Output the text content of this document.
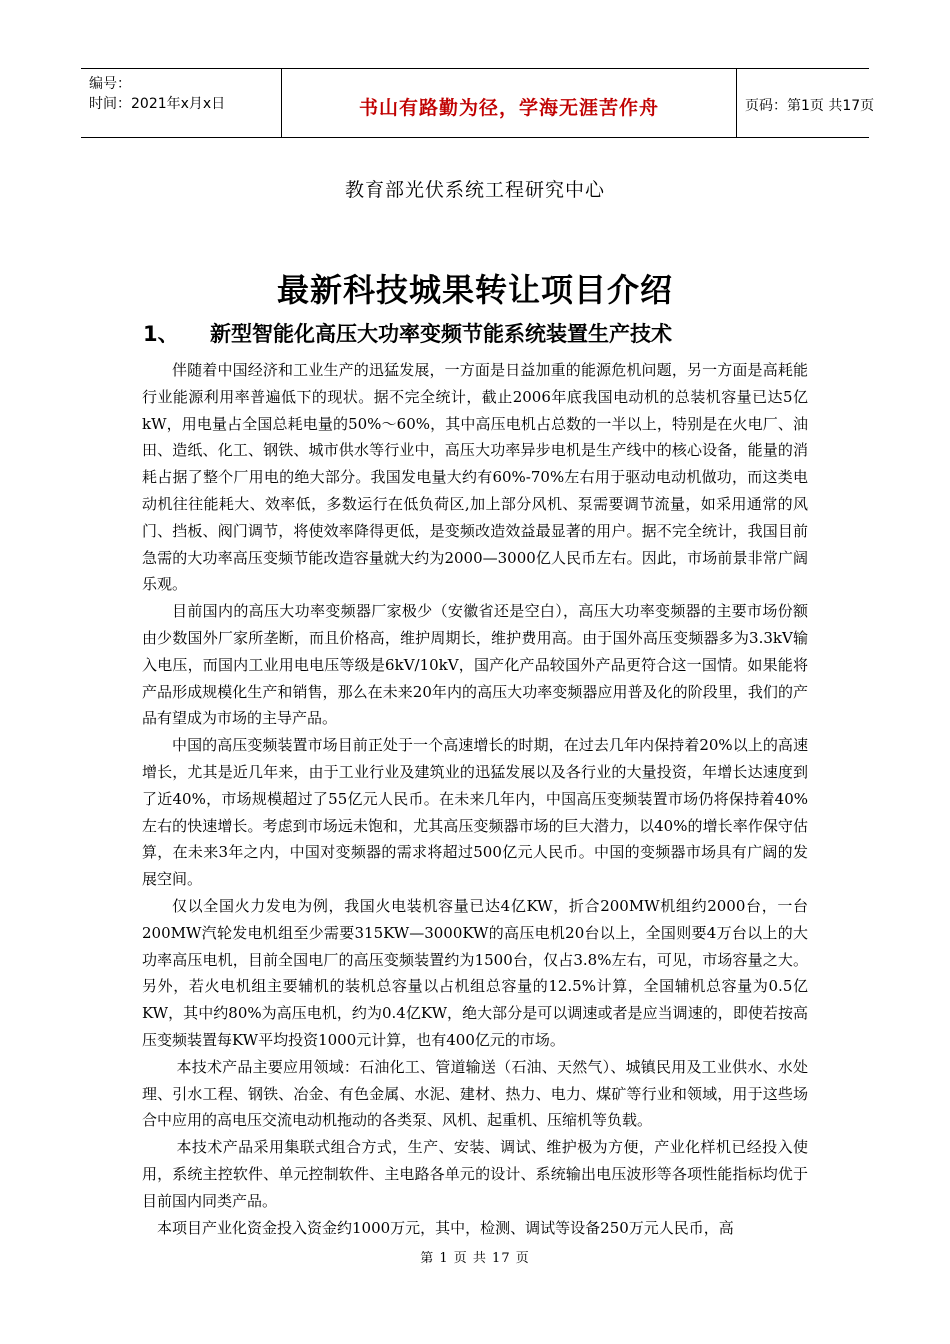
编号：
时间：2021年x月x日	书山有路勤为径，学海无涯苦作舟	页码：第1页 共17页
教育部光伏系统工程研究中心
最新科技城果转让项目介绍
1、 新型智能化高压大功率变频节能系统装置生产技术

伴随着中国经济和工业生产的迅猛发展，一方面是日益加重的能源危机问题，另一方面是高耗能行业能源利用率普遍低下的现状。据不完全统计，截止2006年底我国电动机的总装机容量已达5亿kW，用电量占全国总耗电量的50%～60%，其中高压电机占总数的一半以上，特别是在火电厂、油田、造纸、化工、钢铁、城市供水等行业中，高压大功率异步电机是生产线中的核心设备，能量的消耗占据了整个厂用电的绝大部分。我国发电量大约有60%-70%左右用于驱动电动机做功，而这类电动机往往能耗大、效率低，多数运行在低负荷区,加上部分风机、泵需要调节流量，如采用通常的风门、挡板、阀门调节，将使效率降得更低，是变频改造效益最显著的用户。据不完全统计，我国目前急需的大功率高压变频节能改造容量就大约为2000—3000亿人民币左右。因此，市场前景非常广阔乐观。

目前国内的高压大功率变频器厂家极少（安徽省还是空白），高压大功率变频器的主要市场份额由少数国外厂家所垄断，而且价格高，维护周期长，维护费用高。由于国外高压变频器多为3.3kV输入电压，而国内工业用电电压等级是6kV/10kV，国产化产品较国外产品更符合这一国情。如果能将产品形成规模化生产和销售，那么在未来20年内的高压大功率变频器应用普及化的阶段里，我们的产品有望成为市场的主导产品。

中国的高压变频装置市场目前正处于一个高速增长的时期，在过去几年内保持着20%以上的高速增长，尤其是近几年来，由于工业行业及建筑业的迅猛发展以及各行业的大量投资，年增长达速度到了近40%，市场规模超过了55亿元人民币。在未来几年内，中国高压变频装置市场仍将保持着40%左右的快速增长。考虑到市场远未饱和，尤其高压变频器市场的巨大潜力，以40%的增长率作保守估算，在未来3年之内，中国对变频器的需求将超过500亿元人民币。中国的变频器市场具有广阔的发展空间。

仅以全国火力发电为例，我国火电装机容量已达4亿KW，折合200MW机组约2000台，一台200MW汽轮发电机组至少需要315KW—3000KW的高压电机20台以上，全国则要4万台以上的大功率高压电机，目前全国电厂的高压变频装置约为1500台，仅占3.8%左右，可见，市场容量之大。另外，若火电机组主要辅机的装机总容量以占机组总容量的12.5%计算，全国辅机总容量为0.5亿KW，其中约80%为高压电机，约为0.4亿KW，绝大部分是可以调速或者是应当调速的，即使若按高压变频装置每KW平均投资1000元计算，也有400亿元的市场。

本技术产品主要应用领域：石油化工、管道输送（石油、天然气）、城镇民用及工业供水、水处理、引水工程、钢铁、冶金、有色金属、水泥、建材、热力、电力、煤矿等行业和领域，用于这些场合中应用的高电压交流电动机拖动的各类泵、风机、起重机、压缩机等负载。

本技术产品采用集联式组合方式，生产、安装、调试、维护极为方便，产业化样机已经投入使用，系统主控软件、单元控制软件、主电路各单元的设计、系统输出电压波形等各项性能指标均优于目前国内同类产品。

本项目产业化资金投入资金约1000万元，其中，检测、调试等设备250万元人民币，高

第 1 页 共 17 页
